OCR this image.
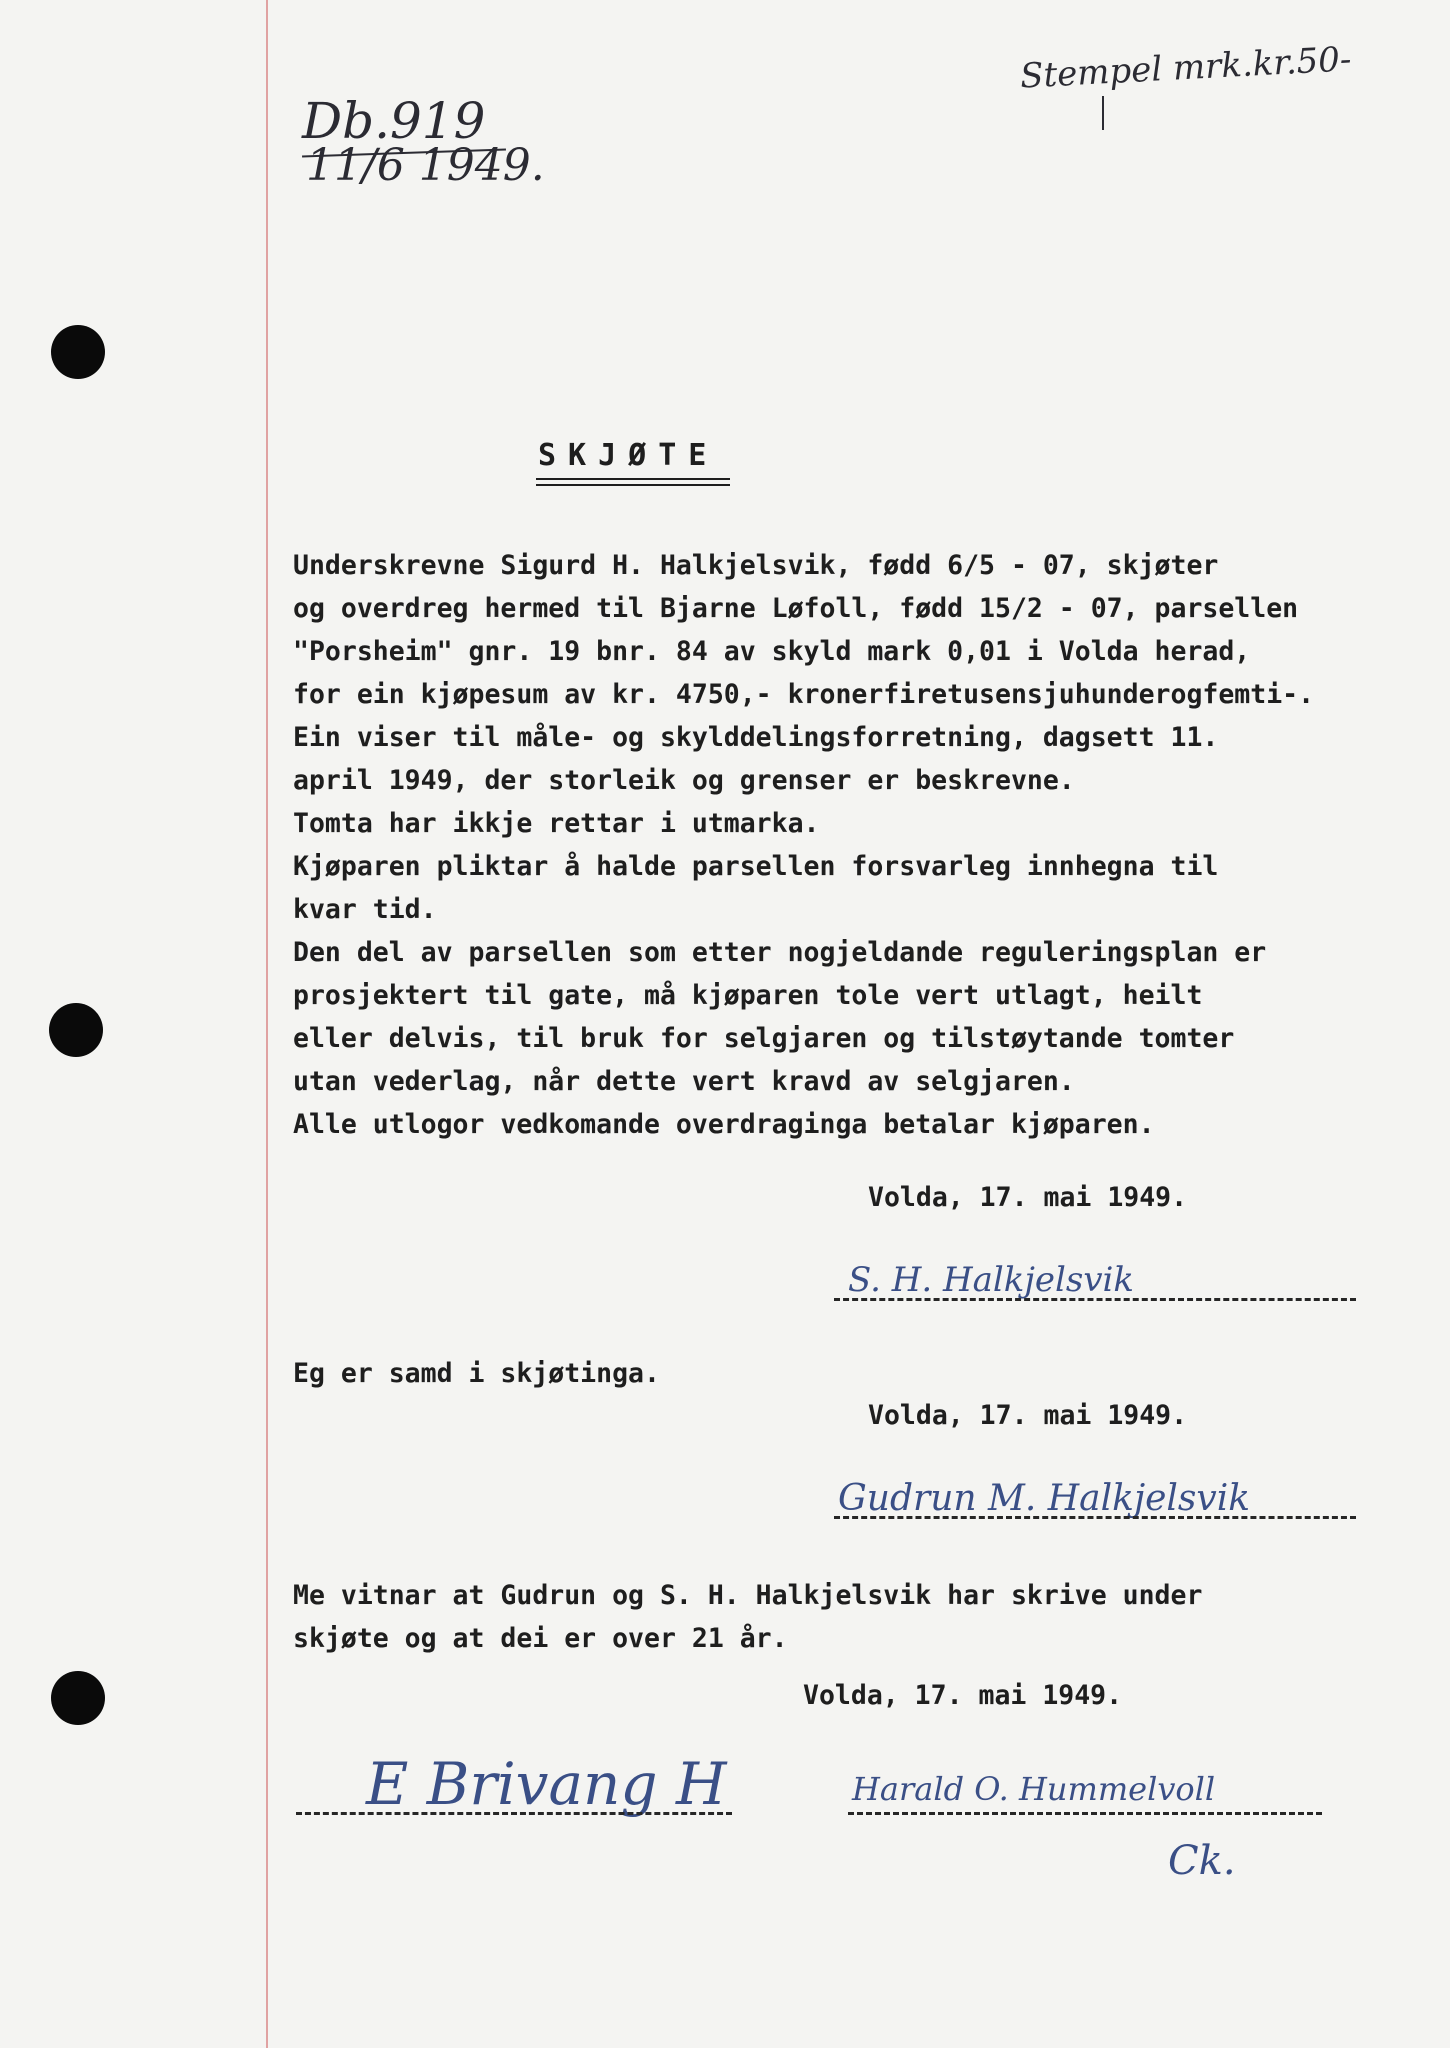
Db.919
11/6 1949.
Stempel mrk.kr.50-
SKJØTE
Underskrevne Sigurd H. Halkjelsvik, fødd 6/5 - 07, skjøter
og overdreg hermed til Bjarne Løfoll, fødd 15/2 - 07, parsellen
"Porsheim" gnr. 19 bnr. 84 av skyld mark 0,01 i Volda herad,
for ein kjøpesum av kr. 4750,- kronerfiretusensjuhunderogfemti-.
Ein viser til måle- og skylddelingsforretning, dagsett 11.
april 1949, der storleik og grenser er beskrevne.
Tomta har ikkje rettar i utmarka.
Kjøparen pliktar å halde parsellen forsvarleg innhegna til
kvar tid.
Den del av parsellen som etter nogjeldande reguleringsplan er
prosjektert til gate, må kjøparen tole vert utlagt, heilt
eller delvis, til bruk for selgjaren og tilstøytande tomter
utan vederlag, når dette vert kravd av selgjaren.
Alle utlogor vedkomande overdraginga betalar kjøparen.
Volda, 17. mai 1949.
S. H. Halkjelsvik
Eg er samd i skjøtinga.
Volda, 17. mai 1949.
Gudrun M. Halkjelsvik
Me vitnar at Gudrun og S. H. Halkjelsvik har skrive under
skjøte og at dei er over 21 år.
Volda, 17. mai 1949.
E Brivang H	Harald O. Hummelvoll
Ck.
